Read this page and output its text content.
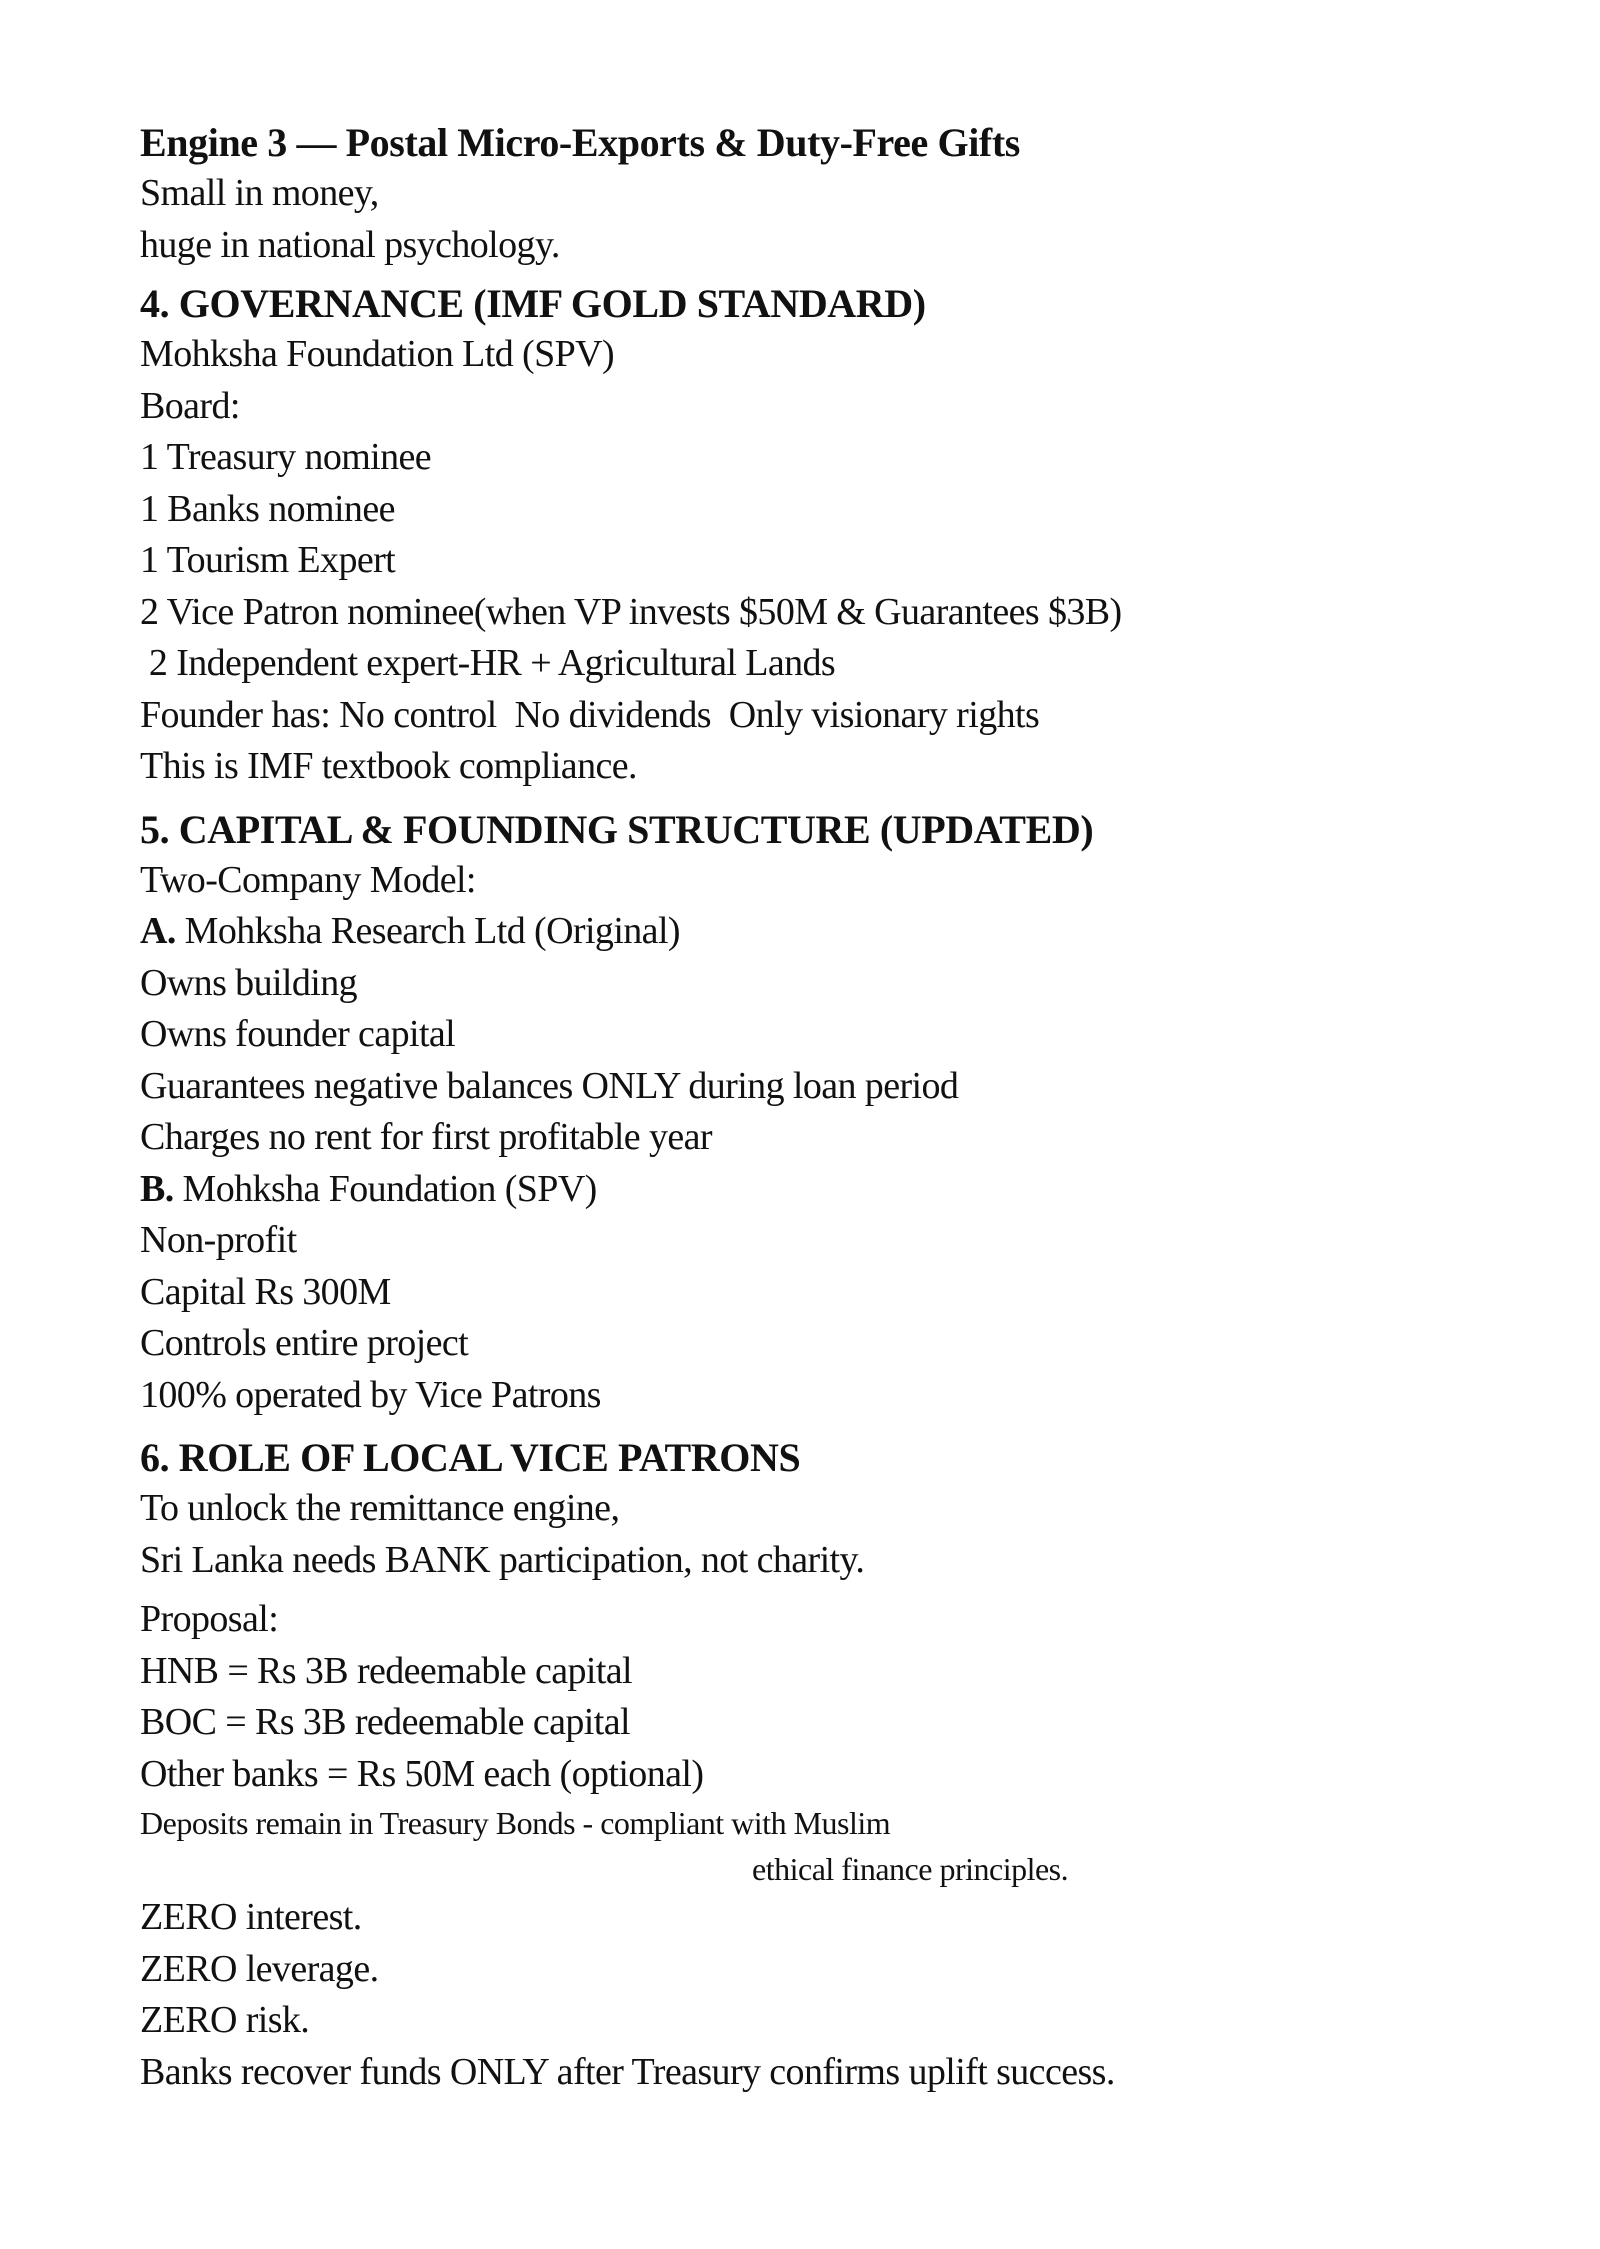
Engine 3 — Postal Micro-Exports & Duty-Free Gifts
Small in money,
huge in national psychology.
4. GOVERNANCE (IMF GOLD STANDARD)
Mohksha Foundation Ltd (SPV)
Board:
1 Treasury nominee
1 Banks nominee
1 Tourism Expert
2 Vice Patron nominee(when VP invests $50M & Guarantees $3B)
2 Independent expert-HR + Agricultural Lands
Founder has: No control  No dividends  Only visionary rights
This is IMF textbook compliance.
5. CAPITAL & FOUNDING STRUCTURE (UPDATED)
Two-Company Model:
A. Mohksha Research Ltd (Original)
Owns building
Owns founder capital
Guarantees negative balances ONLY during loan period
Charges no rent for first profitable year
B. Mohksha Foundation (SPV)
Non-profit
Capital Rs 300M
Controls entire project
100% operated by Vice Patrons
6. ROLE OF LOCAL VICE PATRONS
To unlock the remittance engine,
Sri Lanka needs BANK participation, not charity.
Proposal:
HNB = Rs 3B redeemable capital
BOC = Rs 3B redeemable capital
Other banks = Rs 50M each (optional)
Deposits remain in Treasury Bonds - compliant with Muslim
ethical finance principles.
ZERO interest.
ZERO leverage.
ZERO risk.
Banks recover funds ONLY after Treasury confirms uplift success.
